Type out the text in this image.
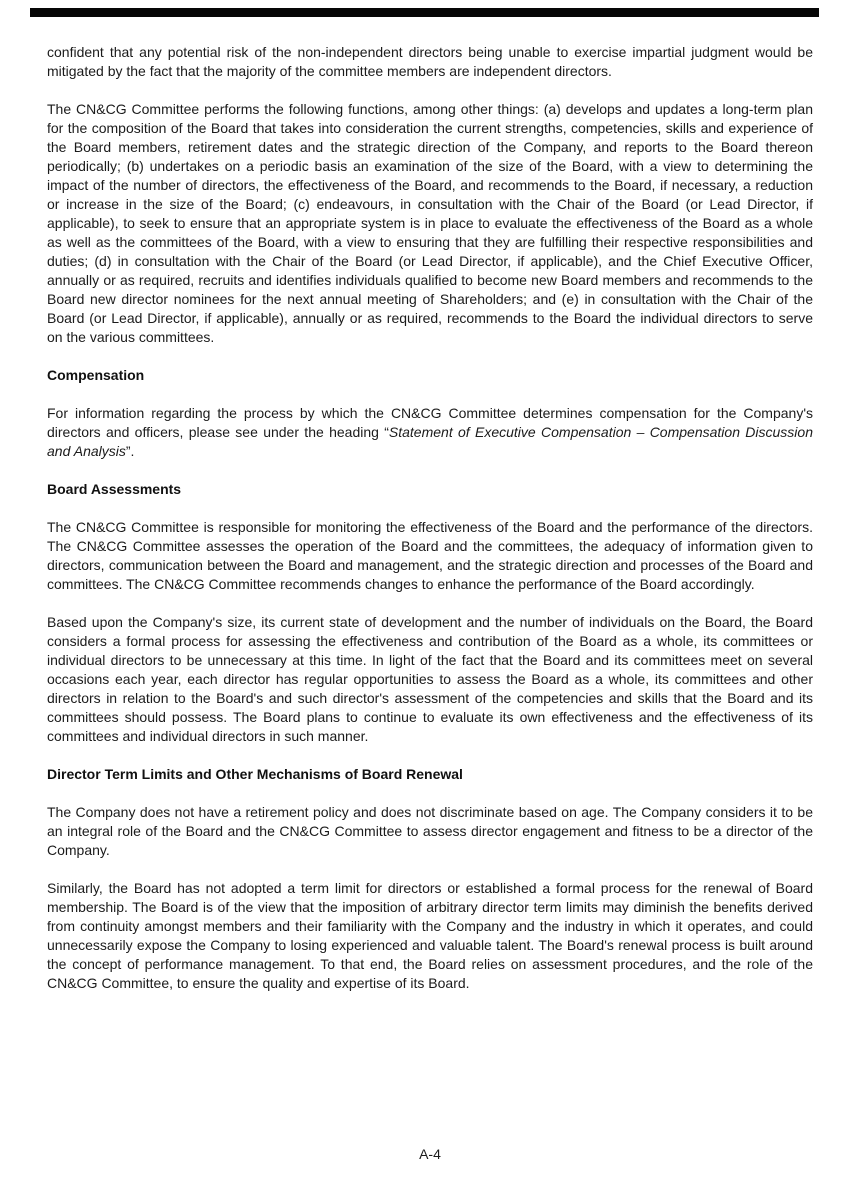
confident that any potential risk of the non-independent directors being unable to exercise impartial judgment would be mitigated by the fact that the majority of the committee members are independent directors.

The CN&CG Committee performs the following functions, among other things: (a) develops and updates a long-term plan for the composition of the Board that takes into consideration the current strengths, competencies, skills and experience of the Board members, retirement dates and the strategic direction of the Company, and reports to the Board thereon periodically; (b) undertakes on a periodic basis an examination of the size of the Board, with a view to determining the impact of the number of directors, the effectiveness of the Board, and recommends to the Board, if necessary, a reduction or increase in the size of the Board; (c) endeavours, in consultation with the Chair of the Board (or Lead Director, if applicable), to seek to ensure that an appropriate system is in place to evaluate the effectiveness of the Board as a whole as well as the committees of the Board, with a view to ensuring that they are fulfilling their respective responsibilities and duties; (d) in consultation with the Chair of the Board (or Lead Director, if applicable), and the Chief Executive Officer, annually or as required, recruits and identifies individuals qualified to become new Board members and recommends to the Board new director nominees for the next annual meeting of Shareholders; and (e) in consultation with the Chair of the Board (or Lead Director, if applicable), annually or as required, recommends to the Board the individual directors to serve on the various committees.

Compensation

For information regarding the process by which the CN&CG Committee determines compensation for the Company's directors and officers, please see under the heading “Statement of Executive Compensation – Compensation Discussion and Analysis”.

Board Assessments

The CN&CG Committee is responsible for monitoring the effectiveness of the Board and the performance of the directors. The CN&CG Committee assesses the operation of the Board and the committees, the adequacy of information given to directors, communication between the Board and management, and the strategic direction and processes of the Board and committees. The CN&CG Committee recommends changes to enhance the performance of the Board accordingly.

Based upon the Company's size, its current state of development and the number of individuals on the Board, the Board considers a formal process for assessing the effectiveness and contribution of the Board as a whole, its committees or individual directors to be unnecessary at this time. In light of the fact that the Board and its committees meet on several occasions each year, each director has regular opportunities to assess the Board as a whole, its committees and other directors in relation to the Board's and such director's assessment of the competencies and skills that the Board and its committees should possess. The Board plans to continue to evaluate its own effectiveness and the effectiveness of its committees and individual directors in such manner.

Director Term Limits and Other Mechanisms of Board Renewal

The Company does not have a retirement policy and does not discriminate based on age. The Company considers it to be an integral role of the Board and the CN&CG Committee to assess director engagement and fitness to be a director of the Company.

Similarly, the Board has not adopted a term limit for directors or established a formal process for the renewal of Board membership. The Board is of the view that the imposition of arbitrary director term limits may diminish the benefits derived from continuity amongst members and their familiarity with the Company and the industry in which it operates, and could unnecessarily expose the Company to losing experienced and valuable talent. The Board's renewal process is built around the concept of performance management. To that end, the Board relies on assessment procedures, and the role of the CN&CG Committee, to ensure the quality and expertise of its Board.

A-4
